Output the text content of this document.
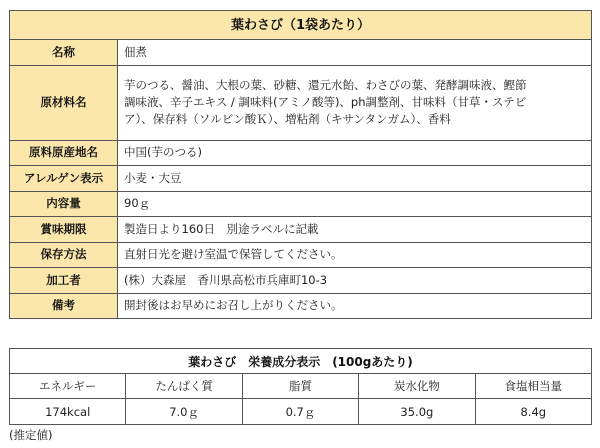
葉わさび（1袋あたり）	
名称	佃煮
原材料名	芋のつる、醤油、大根の葉、砂糖、還元水飴、わさびの葉、発酵調味液、鰹節
調味液、辛子エキス / 調味料(アミノ酸等)、ph調整剤、甘味料（甘草・ステビ
ア）、保存料（ソルビン酸Ｋ）、増粘剤（キサンタンガム）、香料

原料原産地名	中国(芋のつる)
アレルゲン表示	小麦・大豆
内容量	90ｇ
賞味期限	製造日より160日　別途ラベルに記載
保存方法	直射日光を避け室温で保管してください。
加工者	(株）大森屋　香川県高松市兵庫町10-3
備考	開封後はお早めにお召し上がりください。
葉わさび　栄養成分表示　(100gあたり)				
エネルギー	たんぱく質	脂質	炭水化物	食塩相当量
174kcal	7.0ｇ	0.7ｇ	35.0g	8.4g
(推定値)
